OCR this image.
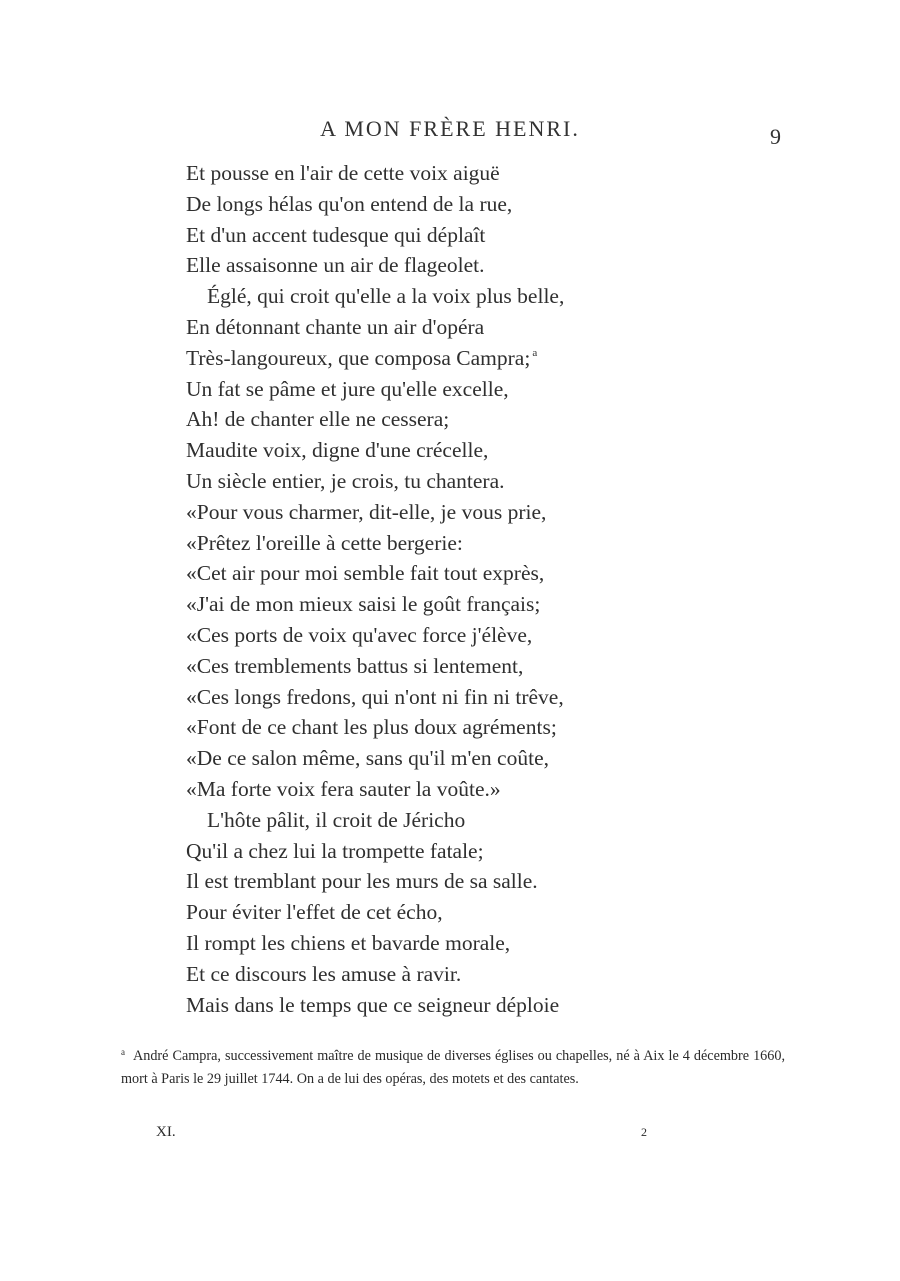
A MON FRÈRE HENRI.	9
Et pousse en l'air de cette voix aiguë
De longs hélas qu'on entend de la rue,
Et d'un accent tudesque qui déplaît
Elle assaisonne un air de flageolet.
Églé, qui croit qu'elle a la voix plus belle,
En détonnant chante un air d'opéra
Très-langoureux, que composa Campra; $^a$
Un fat se pâme et jure qu'elle excelle,
Ah! de chanter elle ne cessera;
Maudite voix, digne d'une crécelle,
Un siècle entier, je crois, tu chantera.
«Pour vous charmer, dit-elle, je vous prie,
«Prêtez l'oreille à cette bergerie:
«Cet air pour moi semble fait tout exprès,
«J'ai de mon mieux saisi le goût français;
«Ces ports de voix qu'avec force j'élève,
«Ces tremblements battus si lentement,
«Ces longs fredons, qui n'ont ni fin ni trêve,
«Font de ce chant les plus doux agréments;
«De ce salon même, sans qu'il m'en coûte,
«Ma forte voix fera sauter la voûte.»
L'hôte pâlit, il croit de Jéricho
Qu'il a chez lui la trompette fatale;
Il est tremblant pour les murs de sa salle.
Pour éviter l'effet de cet écho,
Il rompt les chiens et bavarde morale,
Et ce discours les amuse à ravir.
Mais dans le temps que ce seigneur déploie
$^a$ André Campra, successivement maître de musique de diverses églises ou chapelles, né à Aix le 4 décembre 1660, mort à Paris le 29 juillet 1744. On a de lui des opéras, des motets et des cantates.
XI.	2
